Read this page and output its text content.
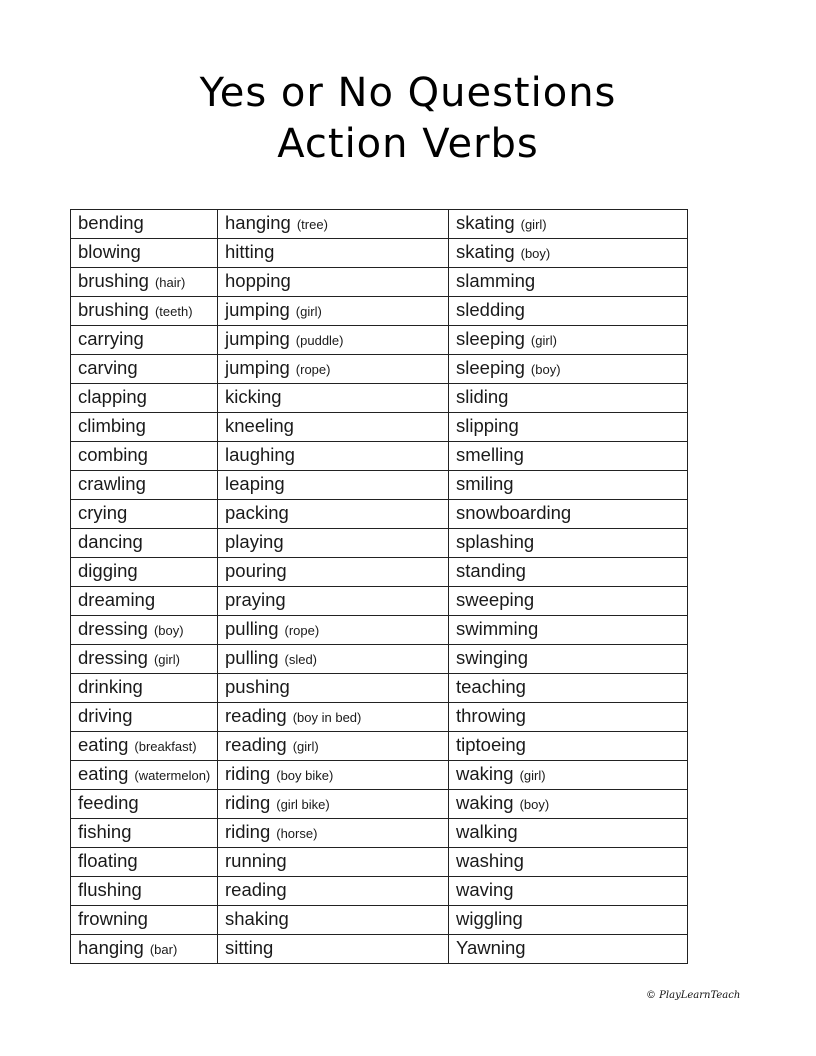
Yes or No Questions
Action Verbs
bending	hanging (tree)	skating (girl)
blowing	hitting	skating (boy)
brushing (hair)	hopping	slamming
brushing (teeth)	jumping (girl)	sledding
carrying	jumping (puddle)	sleeping (girl)
carving	jumping (rope)	sleeping (boy)
clapping	kicking	sliding
climbing	kneeling	slipping
combing	laughing	smelling
crawling	leaping	smiling
crying	packing	snowboarding
dancing	playing	splashing
digging	pouring	standing
dreaming	praying	sweeping
dressing (boy)	pulling (rope)	swimming
dressing (girl)	pulling (sled)	swinging
drinking	pushing	teaching
driving	reading (boy in bed)	throwing
eating (breakfast)	reading (girl)	tiptoeing
eating (watermelon)	riding (boy bike)	waking (girl)
feeding	riding (girl bike)	waking (boy)
fishing	riding (horse)	walking
floating	running	washing
flushing	reading	waving
frowning	shaking	wiggling
hanging (bar)	sitting	Yawning
© PlayLearnTeach
